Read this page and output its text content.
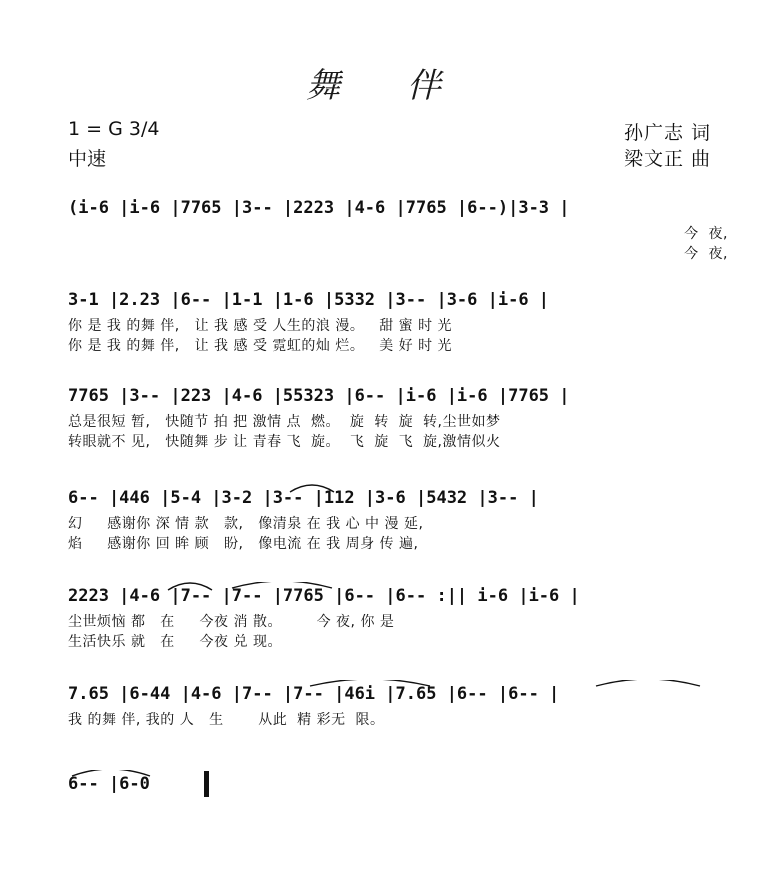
舞 伴
1 = G 3/4
中速
孙广志 词
梁文正 曲
(i-6 |i-6 |7765 |3-- |2223 |4-6 |7765 |6--)|3-3 |
今  夜,
今  夜,
3-1 |2.23 |6-- |1-1 |1-6 |5332 |3-- |3-6 |i-6 |
你 是 我 的舞 伴,   让 我 感 受 人生的浪 漫。   甜 蜜 时 光
你 是 我 的舞 伴,   让 我 感 受 霓虹的灿 烂。   美 好 时 光
7765 |3-- |223 |4-6 |55323 |6-- |i-6 |i-6 |7765 |
总是很短 暂,   快随节 拍 把 激情 点  燃。  旋  转  旋  转,尘世如梦
转眼就不 见,   快随舞 步 让 青春 飞  旋。  飞  旋  飞  旋,激情似火
6-- |446 |5-4 |3-2 |3-- |112 |3-6 |5432 |3-- |
幻     感谢你 深 情 款   款,   像清泉 在 我 心 中 漫 延,
焰     感谢你 回 眸 顾   盼,   像电流 在 我 周身 传 遍,
2223 |4-6 |7-- |7-- |7765 |6-- |6-- :|| i-6 |i-6 |
尘世烦恼 都   在     今夜 消 散。       今 夜, 你 是
生活快乐 就   在     今夜 兑 现。
7.65 |6-44 |4-6 |7-- |7-- |46i |7.65 |6-- |6-- |
我 的舞 伴, 我的 人   生       从此  精 彩无  限。
6-- |6-0
